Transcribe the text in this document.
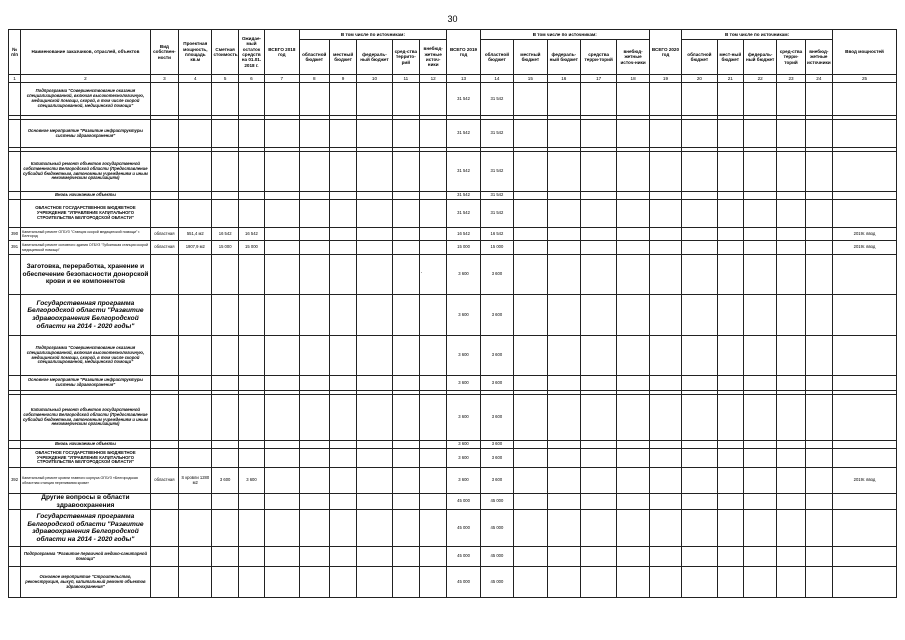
30
№ п/п	Наименование заказчиков, отраслей, объектов	Вид собствен-ности	Проектная мощность, площадь кв.м	Сметная стоимость	Ожидае-мый остаток средств на 01.01. 2018 г.	ВСЕГО 2018 год	В том числе по источникам:					ВСЕГО 2019 год	В том числе по источникам:					ВСЕГО 2020 год	В том числе по источникам:					Ввод мощностей
							областной бюджет	местный бюджет	федераль-ный бюджет	сред-ства террито-рий	внебюд-жетные источ-ники		областной бюджет	местный бюджет	федераль-ный бюджет	средства терри-торий	внебюд-жетные источ-ники		областной бюджет	мест-ный бюджет	федераль-ный бюджет	сред-ства терри-торий	внебюд-жетные источники	
1	2	3	4	5	6	7	8	9	10	11	12	13	14	15	16	17	18	19	20	21	22	23	24	25
	Подпрограмма "Совершенствование оказания специализированной, включая высокотехнологичную, медицинской помощи, скорой, в том числе скорой специализированной, медицинской помощи"											31 542	31 542											

	Основное мероприятие "Развитие инфраструктуры системы здравоохранения"											31 542	31 542											

	Капитальный ремонт объектов государственной собственности Белгородской области (Предоставление субсидий бюджетным, автономным учреждениям и иным некоммерческим организациям)											31 542	31 542											
	Вновь начинаемые объекты											31 542	31 542											
	ОБЛАСТНОЕ ГОСУДАРСТВЕННОЕ БЮДЖЕТНОЕ УЧРЕЖДЕНИЕ "УПРАВЛЕНИЕ КАПИТАЛЬНОГО СТРОИТЕЛЬСТВА БЕЛГОРОДСКОЙ ОБЛАСТИ"											31 542	31 542											
390	Капитальный ремонт ОГБУЗ "Станция скорой медицинской помощи" г. Белгород	областная	551,4 м2	16 542	16 542							16 542	16 542											2019г. ввод
391	Капитальный ремонт основного здания ОГБУЗ "Губкинская станция скорой медицинской помощи"	областная	1907,9 м2	15 000	15 000							15 000	15 000											2019г. ввод
	Заготовка, переработка, хранение и обеспечение безопасности донорской крови и ее компонентов										'	3 600	3 600											
	Государственная программа Белгородской области "Развитие здравоохранения Белгородской области на 2014 - 2020 годы"											3 600	3 600											
	Подпрограмма "Совершенствование оказания специализированной, включая высокотехнологичную, медицинской помощи, скорой, в том числе скорой специализированной, медицинской помощи"											3 600	3 600											
	Основное мероприятие "Развитие инфраструктуры системы здравоохранения"											3 600	3 600											

	Капитальный ремонт объектов государственной собственности Белгородской области (Предоставление субсидий бюджетным, автономным учреждениям и иным некоммерческим организациям)											3 600	3 600											
	Вновь начинаемые объекты											3 600	3 600											
	ОБЛАСТНОЕ ГОСУДАРСТВЕННОЕ БЮДЖЕТНОЕ УЧРЕЖДЕНИЕ "УПРАВЛЕНИЕ КАПИТАЛЬНОГО СТРОИТЕЛЬСТВА БЕЛГОРОДСКОЙ ОБЛАСТИ"											3 600	3 600											
392	Капитальный ремонт кровли главного корпуса ОГБУЗ «Белгородская областная станция переливания крови»	областная	S кровли 1280 м2	3 600	3 600							3 600	3 600											2019г. ввод
	Другие вопросы в области здравоохранения											45 000	45 000											
	Государственная программа Белгородской области "Развитие здравоохранения Белгородской области на 2014 - 2020 годы"											45 000	45 000											
	Подпрограмма "Развитие первичной медико-санитарной помощи"											45 000	45 000											
	Основное мероприятие "Строительство, реконструкция, выкуп, капитальный ремонт объектов здравоохранения"											45 000	45 000											
